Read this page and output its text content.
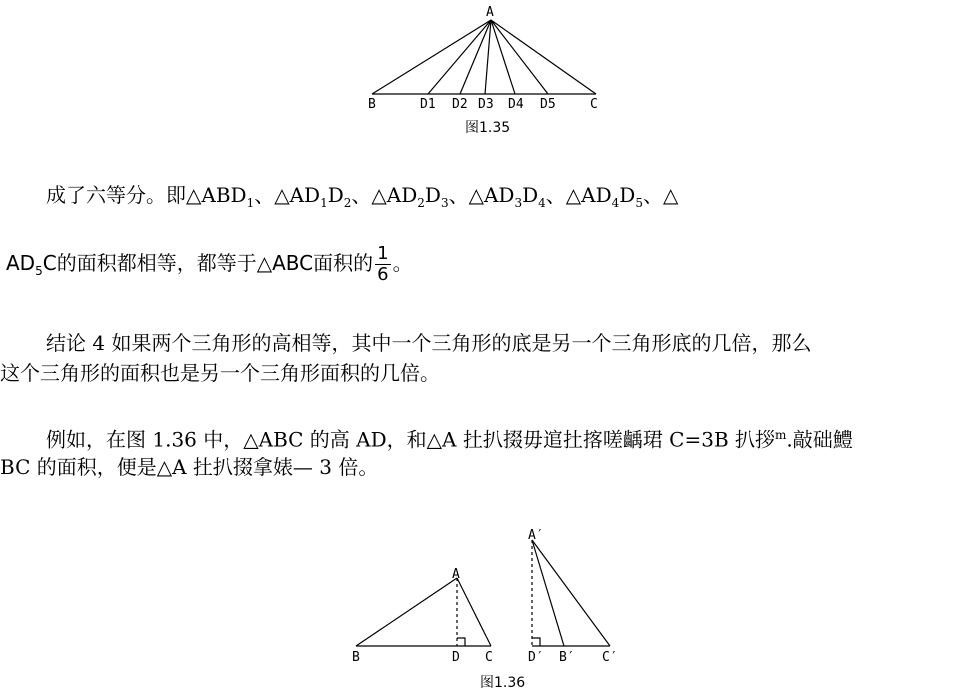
A
B	D1 D2 D3 D4 D5	C
图1.35
成了六等分。即$\triangle ABD_1$、$\triangle AD_1D_2$、$\triangle AD_2D_3$、$\triangle AD_3D_4$、$\triangle AD_4D_5$、△
$AD_5C$的面积都相等，都等于△ABC面积的 $\frac{1}{6}$ 。
结论 4 如果两个三角形的高相等，其中一个三角形的底是另一个三角形底的几倍，那么
这个三角形的面积也是另一个三角形面积的几倍。
例如，在图 1.36 中，△ABC 的高 AD，和△A 扗扒掇毋逭扗揢嗟齲珺 C=3B 扒拶$^m$.敲础鱧
BC 的面积，便是△A 扗扒掇拿婊— 3 倍。
A
B	D C
A′
D′ B′ C′
图1.36
